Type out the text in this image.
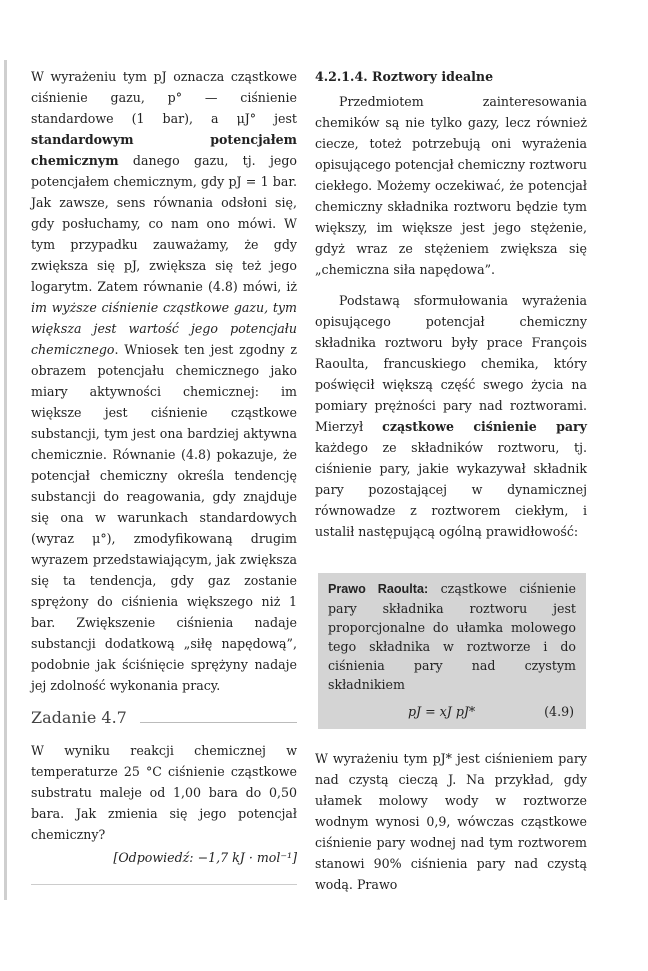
W wyrażeniu tym pJ oznacza cząstkowe ciśnienie gazu, p° — ciśnienie standardowe (1 bar), a μJ° jest standardowym potencjałem chemicznym danego gazu, tj. jego potencjałem chemicznym, gdy pJ = 1 bar. Jak zawsze, sens równania odsłoni się, gdy posłuchamy, co nam ono mówi. W tym przypadku zauważamy, że gdy zwiększa się pJ, zwiększa się też jego logarytm. Zatem równanie (4.8) mówi, iż im wyższe ciśnienie cząstkowe gazu, tym większa jest wartość jego potencjału chemicznego. Wniosek ten jest zgodny z obrazem potencjału chemicznego jako miary aktywności chemicznej: im większe jest ciśnienie cząstkowe substancji, tym jest ona bardziej aktywna chemicznie. Równanie (4.8) pokazuje, że potencjał chemiczny określa tendencję substancji do reagowania, gdy znajduje się ona w warunkach standardowych (wyraz μ°), zmodyfikowaną drugim wyrazem przedstawiającym, jak zwiększa się ta tendencja, gdy gaz zostanie sprężony do ciśnienia większego niż 1 bar. Zwiększenie ciśnienia nadaje substancji dodatkową „siłę napędową”, podobnie jak ściśnięcie sprężyny nadaje jej zdolność wykonania pracy.

Zadanie 4.7

W wyniku reakcji chemicznej w temperaturze 25 °C ciśnienie cząstkowe substratu maleje od 1,00 bara do 0,50 bara. Jak zmienia się jego potencjał chemiczny?

[Odpowiedź: −1,7 kJ · mol⁻¹]

4.2.1.4. Roztwory idealne

Przedmiotem zainteresowania chemików są nie tylko gazy, lecz również ciecze, toteż potrzebują oni wyrażenia opisującego potencjał chemiczny roztworu ciekłego. Możemy oczekiwać, że potencjał chemiczny składnika roztworu będzie tym większy, im większe jest jego stężenie, gdyż wraz ze stężeniem zwiększa się „chemiczna siła napędowa”.

Podstawą sformułowania wyrażenia opisującego potencjał chemiczny składnika roztworu były prace François Raoulta, francuskiego chemika, który poświęcił większą część swego życia na pomiary prężności pary nad roztworami. Mierzył cząstkowe ciśnienie pary każdego ze składników roztworu, tj. ciśnienie pary, jakie wykazywał składnik pary pozostającej w dynamicznej równowadze z roztworem ciekłym, i ustalił następującą ogólną prawidłowość:

Prawo Raoulta: cząstkowe ciśnienie pary składnika roztworu jest proporcjonalne do ułamka molowego tego składnika w roztworze i do ciśnienia pary nad czystym składnikiem

pJ = xJ pJ*	(4.9)

W wyrażeniu tym pJ* jest ciśnieniem pary nad czystą cieczą J. Na przykład, gdy ułamek molowy wody w roztworze wodnym wynosi 0,9, wówczas cząstkowe ciśnienie pary wodnej nad tym roztworem stanowi 90% ciśnienia pary nad czystą wodą. Prawo
